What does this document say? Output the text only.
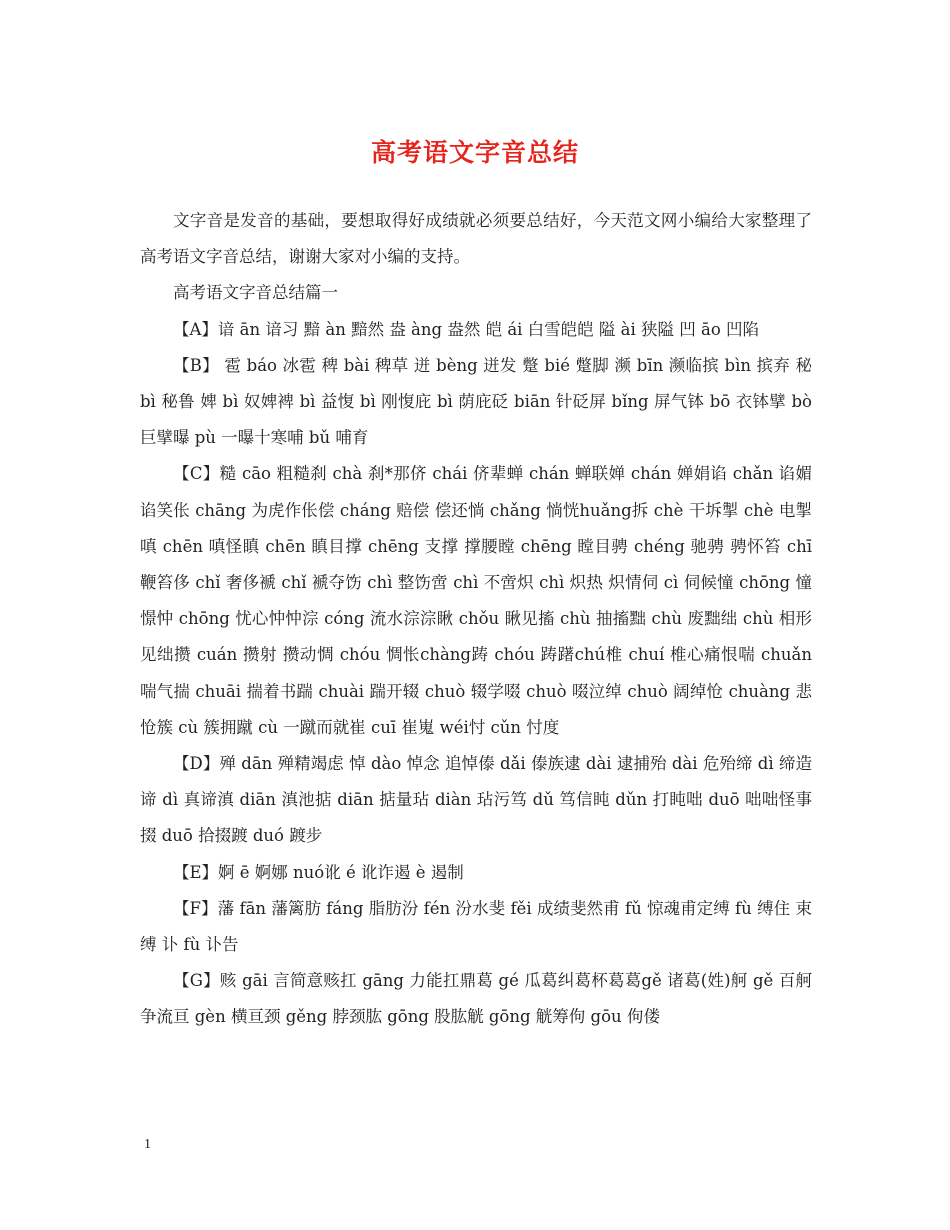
高考语文字音总结

文字音是发音的基础，要想取得好成绩就必须要总结好，今天范文网小编给大家整理了高考语文字音总结，谢谢大家对小编的支持。

高考语文字音总结篇一

【A】谙 ān 谙习 黯 àn 黯然 盎 àng 盎然 皑 ái 白雪皑皑 隘 ài 狭隘 凹 āo 凹陷

【B】 雹 báo 冰雹 稗 bài 稗草 迸 bèng 迸发 蹩 bié 蹩脚 濒 bīn 濒临摈 bìn 摈弃 秘 bì 秘鲁 婢 bì 奴婢裨 bì 益愎 bì 刚愎庇 bì 荫庇砭 biān 针砭屏 bǐng 屏气钵 bō 衣钵擘 bò 巨擘曝 pù 一曝十寒哺 bǔ 哺育

【C】糙 cāo 粗糙刹 chà 刹*那侪 chái 侪辈蝉 chán 蝉联婵 chán 婵娟谄 chǎn 谄媚 谄笑伥 chāng 为虎作伥偿 cháng 赔偿 偿还惝 chǎng 惝恍huǎng拆 chè 干坼掣 chè 电掣嗔 chēn 嗔怪瞋 chēn 瞋目撑 chēng 支撑 撑腰瞠 chēng 瞠目骋 chéng 驰骋 骋怀笞 chī 鞭笞侈 chǐ 奢侈褫 chǐ 褫夺饬 chì 整饬啻 chì 不啻炽 chì 炽热 炽情伺 cì 伺候憧 chōng 憧憬忡 chōng 忧心忡忡淙 cóng 流水淙淙瞅 chǒu 瞅见搐 chù 抽搐黜 chù 废黜绌 chù 相形见绌攒 cuán 攒射 攒动惆 chóu 惆怅chàng踌 chóu 踌躇chú椎 chuí 椎心痛恨喘 chuǎn 喘气揣 chuāi 揣着书踹 chuài 踹开辍 chuò 辍学啜 chuò 啜泣绰 chuò 阔绰怆 chuàng 悲怆簇 cù 簇拥蹴 cù 一蹴而就崔 cuī 崔嵬 wéi忖 cǔn 忖度

【D】殚 dān 殚精竭虑 悼 dào 悼念 追悼傣 dǎi 傣族逮 dài 逮捕殆 dài 危殆缔 dì 缔造谛 dì 真谛滇 diān 滇池掂 diān 掂量玷 diàn 玷污笃 dǔ 笃信盹 dǔn 打盹咄 duō 咄咄怪事掇 duō 拾掇踱 duó 踱步

【E】婀 ē 婀娜 nuó讹 é 讹诈遏 è 遏制

【F】藩 fān 藩篱肪 fáng 脂肪汾 fén 汾水斐 fěi 成绩斐然甫 fǔ 惊魂甫定缚 fù 缚住 束缚 讣 fù 讣告

【G】赅 gāi 言简意赅扛 gāng 力能扛鼎葛 gé 瓜葛纠葛杯葛葛gě 诸葛(姓)舸 gě 百舸争流亘 gèn 横亘颈 gěng 脖颈肱 gōng 股肱觥 gōng 觥筹佝 gōu 佝偻

1
